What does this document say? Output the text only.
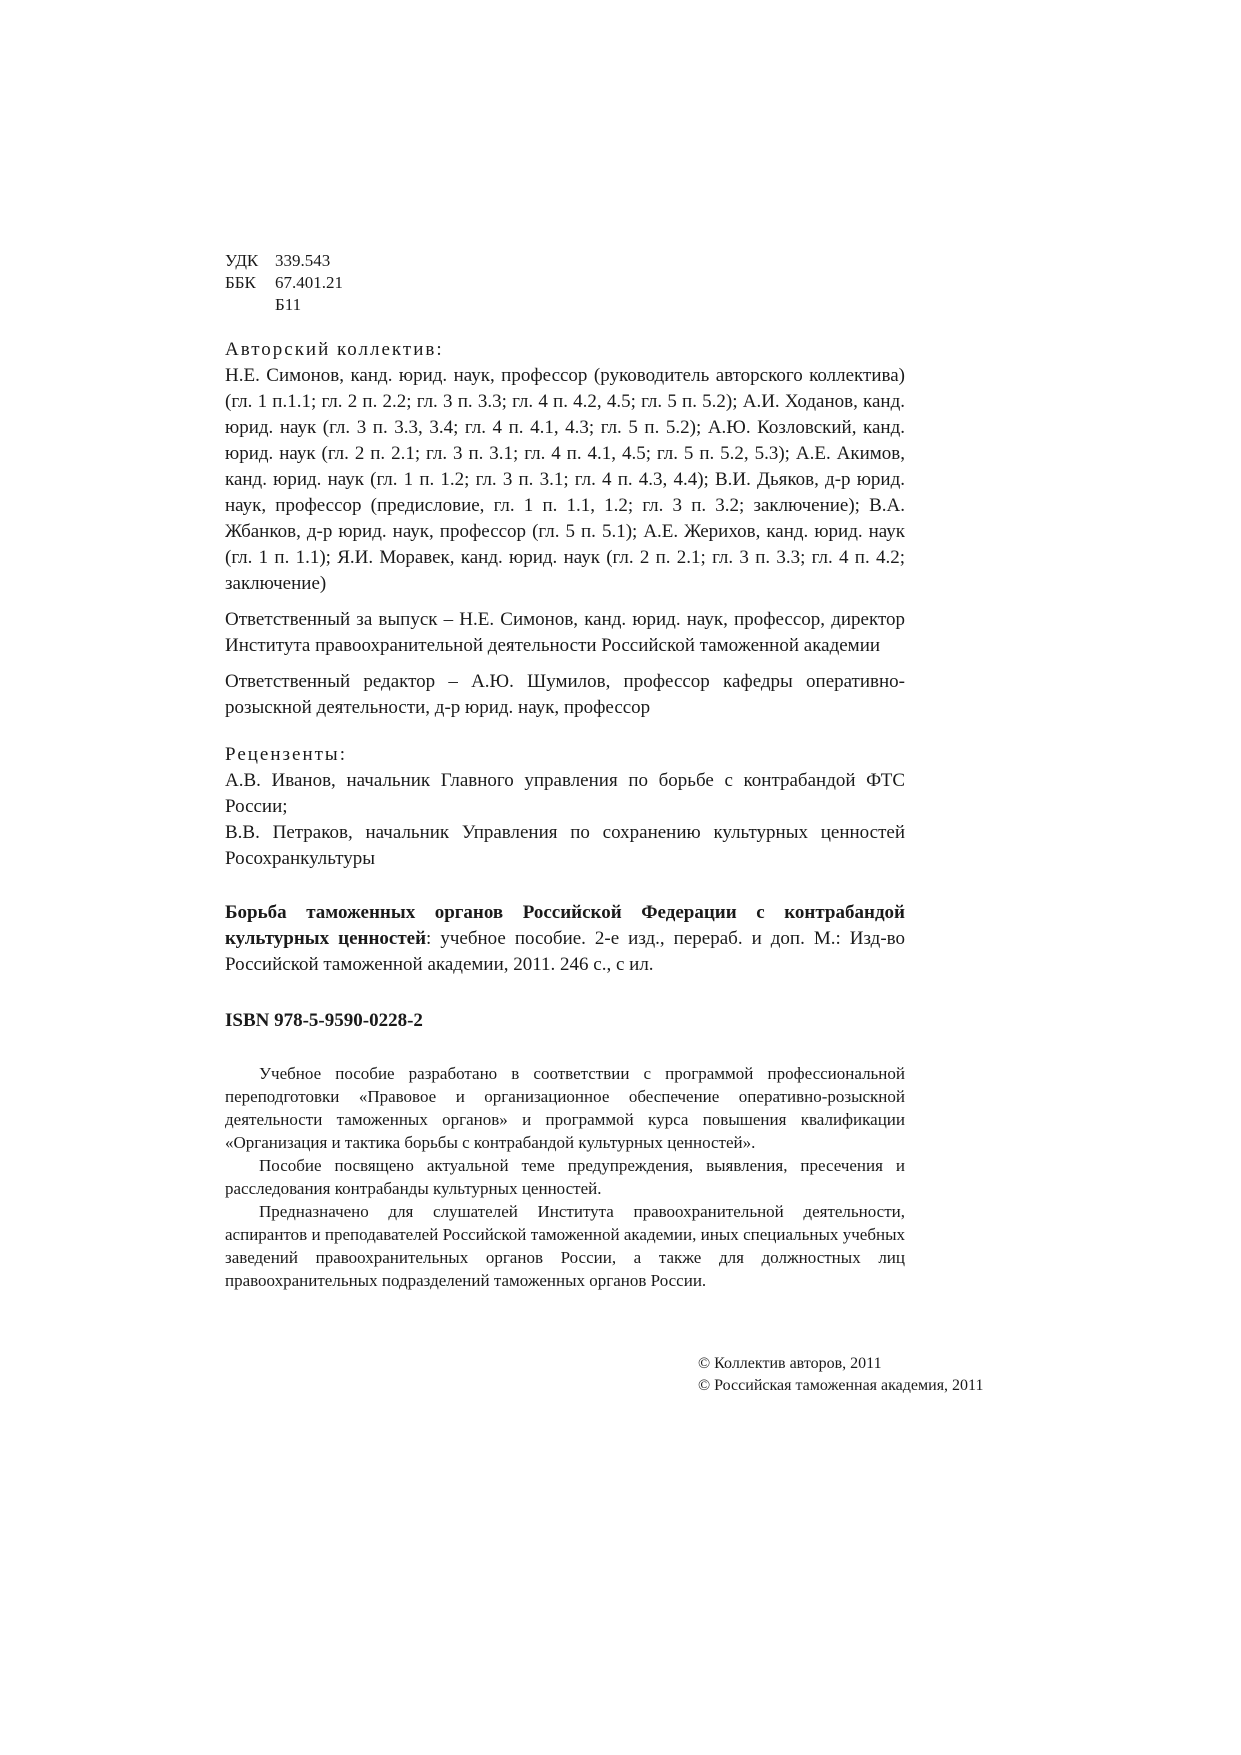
УДК 339.543
ББК	67.401.21
Б11
Авторский коллектив:

Н.Е. Симонов, канд. юрид. наук, профессор (руководитель авторского коллектива) (гл. 1 п.1.1; гл. 2 п. 2.2; гл. 3 п. 3.3; гл. 4 п. 4.2, 4.5; гл. 5 п. 5.2); А.И. Ходанов, канд. юрид. наук (гл. 3 п. 3.3, 3.4; гл. 4 п. 4.1, 4.3; гл. 5 п. 5.2); А.Ю. Козловский, канд. юрид. наук (гл. 2 п. 2.1; гл. 3 п. 3.1; гл. 4 п. 4.1, 4.5; гл. 5 п. 5.2, 5.3); А.Е. Акимов, канд. юрид. наук (гл. 1 п. 1.2; гл. 3 п. 3.1; гл. 4 п. 4.3, 4.4); В.И. Дьяков, д-р юрид. наук, профессор (предисловие, гл. 1 п. 1.1, 1.2; гл. 3 п. 3.2; заключение); В.А. Жбанков, д-р юрид. наук, профессор (гл. 5 п. 5.1); А.Е. Жерихов, канд. юрид. наук (гл. 1 п. 1.1); Я.И. Моравек, канд. юрид. наук (гл. 2 п. 2.1; гл. 3 п. 3.3; гл. 4 п. 4.2; заключение)

Ответственный за выпуск – Н.Е. Симонов, канд. юрид. наук, профессор, директор Института правоохранительной деятельности Российской таможенной академии

Ответственный редактор – А.Ю. Шумилов, профессор кафедры оперативно-розыскной деятельности, д-р юрид. наук, профессор

Рецензенты:

А.В. Иванов, начальник Главного управления по борьбе с контрабандой ФТС России;

В.В. Петраков, начальник Управления по сохранению культурных ценностей Росохранкультуры

Борьба таможенных органов Российской Федерации с контрабандой культурных ценностей: учебное пособие. 2-е изд., перераб. и доп. М.: Изд-во Российской таможенной академии, 2011. 246 с., с ил.

ISBN 978-5-9590-0228-2

Учебное пособие разработано в соответствии с программой профессиональной переподготовки «Правовое и организационное обеспечение оперативно-розыскной деятельности таможенных органов» и программой курса повышения квалификации «Организация и тактика борьбы с контрабандой культурных ценностей».

Пособие посвящено актуальной теме предупреждения, выявления, пресечения и расследования контрабанды культурных ценностей.

Предназначено для слушателей Института правоохранительной деятельности, аспирантов и преподавателей Российской таможенной академии, иных специальных учебных заведений правоохранительных органов России, а также для должностных лиц правоохранительных подразделений таможенных органов России.

© Коллектив авторов, 2011
© Российская таможенная академия, 2011
